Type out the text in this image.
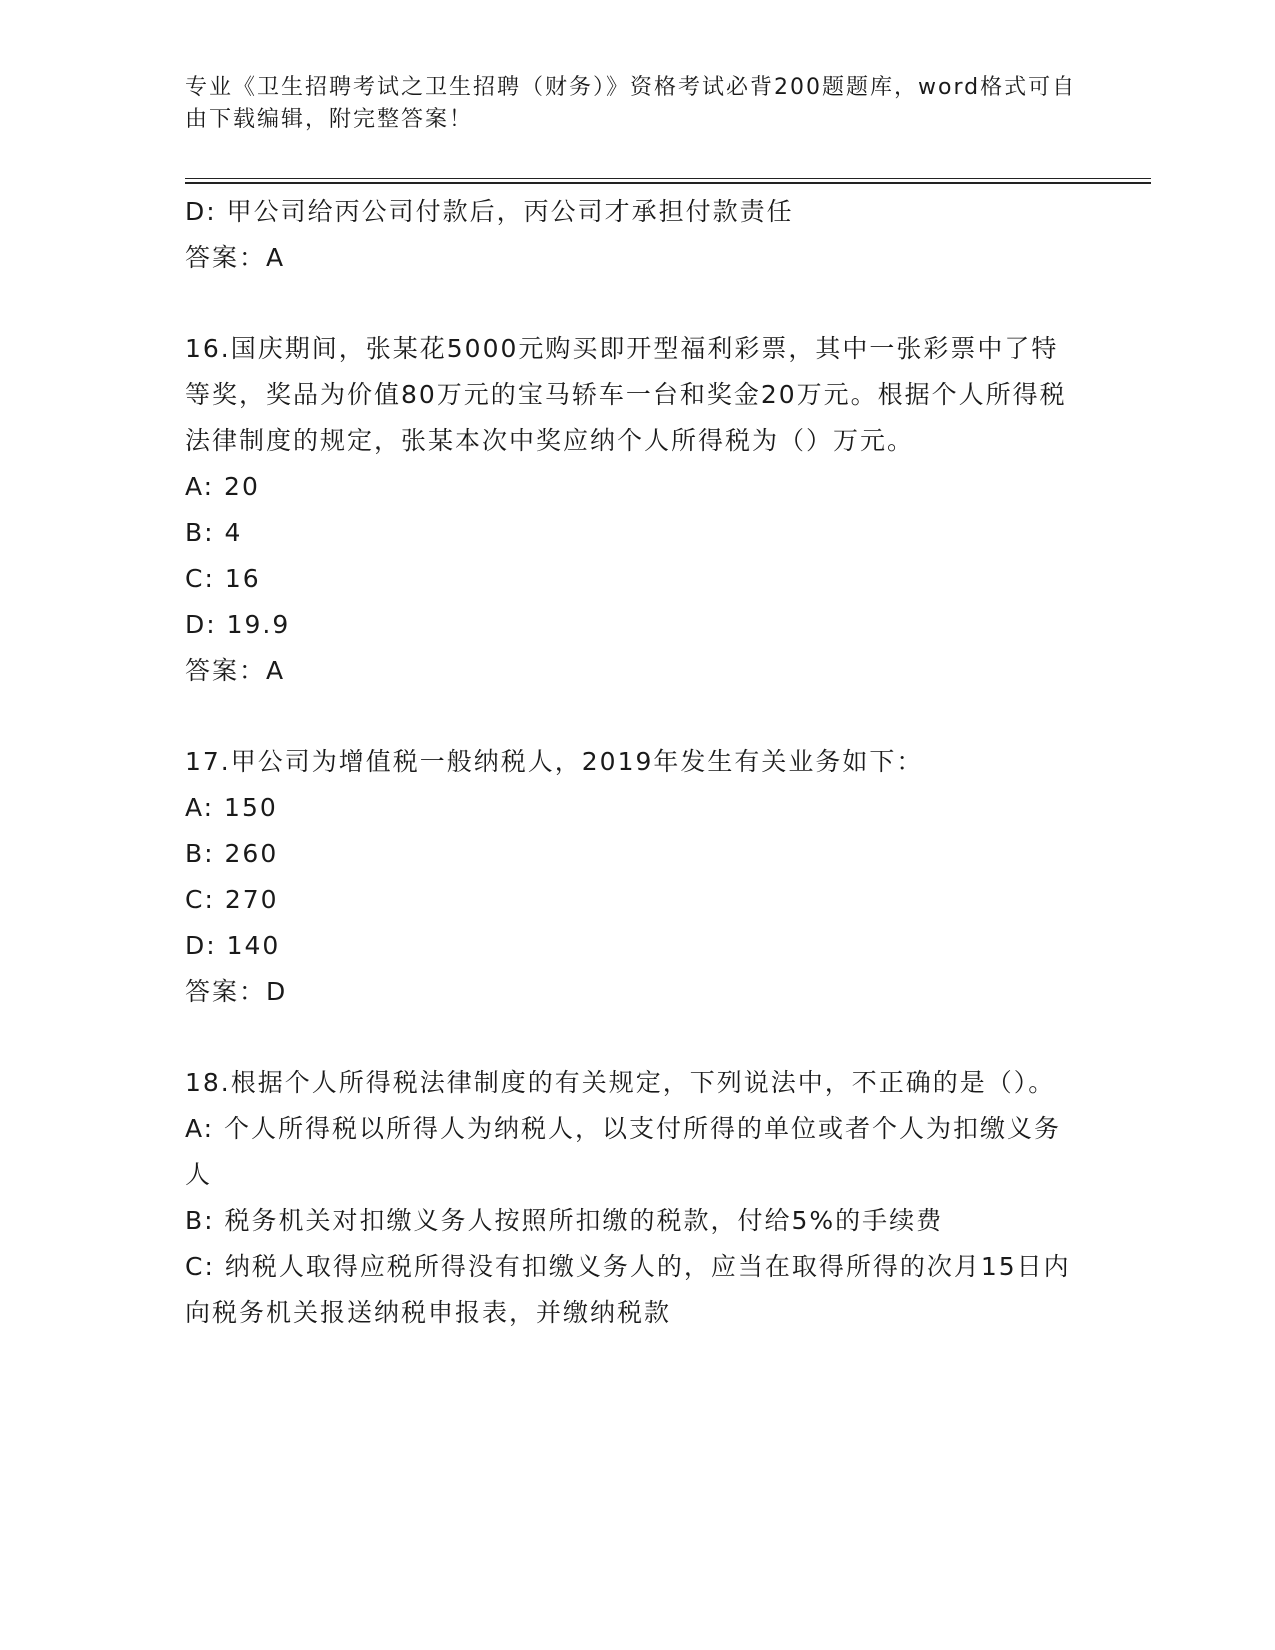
专业《卫生招聘考试之卫生招聘（财务）》资格考试必背200题题库，word格式可自由下载编辑，附完整答案！

D: 甲公司给丙公司付款后，丙公司才承担付款责任

答案：A

16.国庆期间，张某花5000元购买即开型福利彩票，其中一张彩票中了特等奖，奖品为价值80万元的宝马轿车一台和奖金20万元。根据个人所得税法律制度的规定，张某本次中奖应纳个人所得税为（）万元。

A: 20

B: 4

C: 16

D: 19.9

答案：A

17.甲公司为增值税一般纳税人，2019年发生有关业务如下：

A: 150

B: 260

C: 270

D: 140

答案：D

18.根据个人所得税法律制度的有关规定，下列说法中，不正确的是（）。

A: 个人所得税以所得人为纳税人，以支付所得的单位或者个人为扣缴义务人

B: 税务机关对扣缴义务人按照所扣缴的税款，付给5%的手续费

C: 纳税人取得应税所得没有扣缴义务人的，应当在取得所得的次月15日内向税务机关报送纳税申报表，并缴纳税款
